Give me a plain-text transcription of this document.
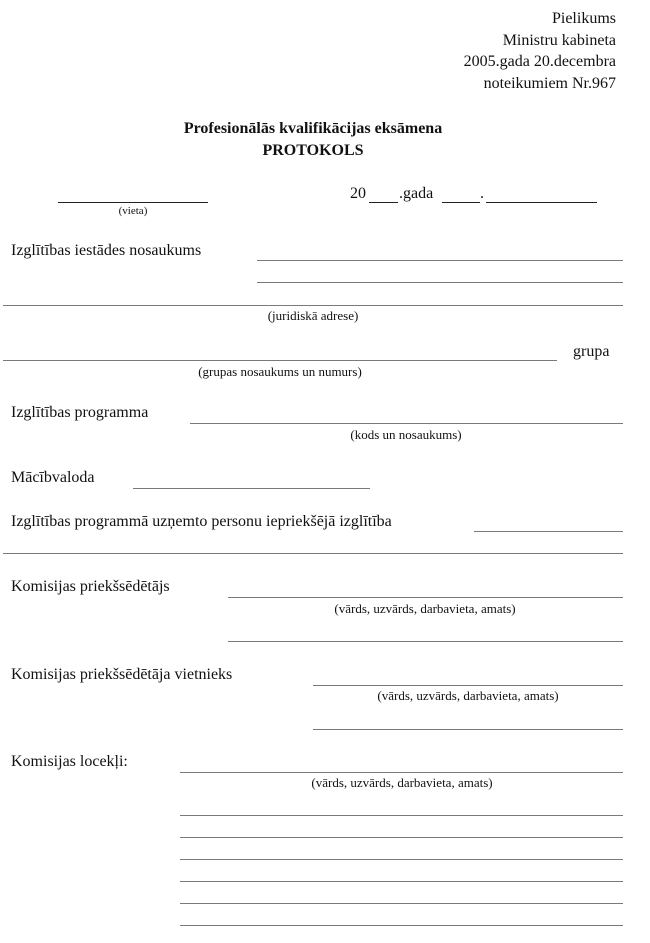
Pielikums
Ministru kabineta
2005.gada 20.decembra
noteikumiem Nr.967
Profesionālās kvalifikācijas eksāmena
PROTOKOLS
(vieta)
20 .gada	.
Izglītības iestādes nosaukums
(juridiskā adrese)
grupa
(grupas nosaukums un numurs)
Izglītības programma
(kods un nosaukums)
Mācībvaloda
Izglītības programmā uzņemto personu iepriekšējā izglītība
Komisijas priekšsēdētājs
(vārds, uzvārds, darbavieta, amats)
Komisijas priekšsēdētāja vietnieks
(vārds, uzvārds, darbavieta, amats)
Komisijas locekļi:
(vārds, uzvārds, darbavieta, amats)
